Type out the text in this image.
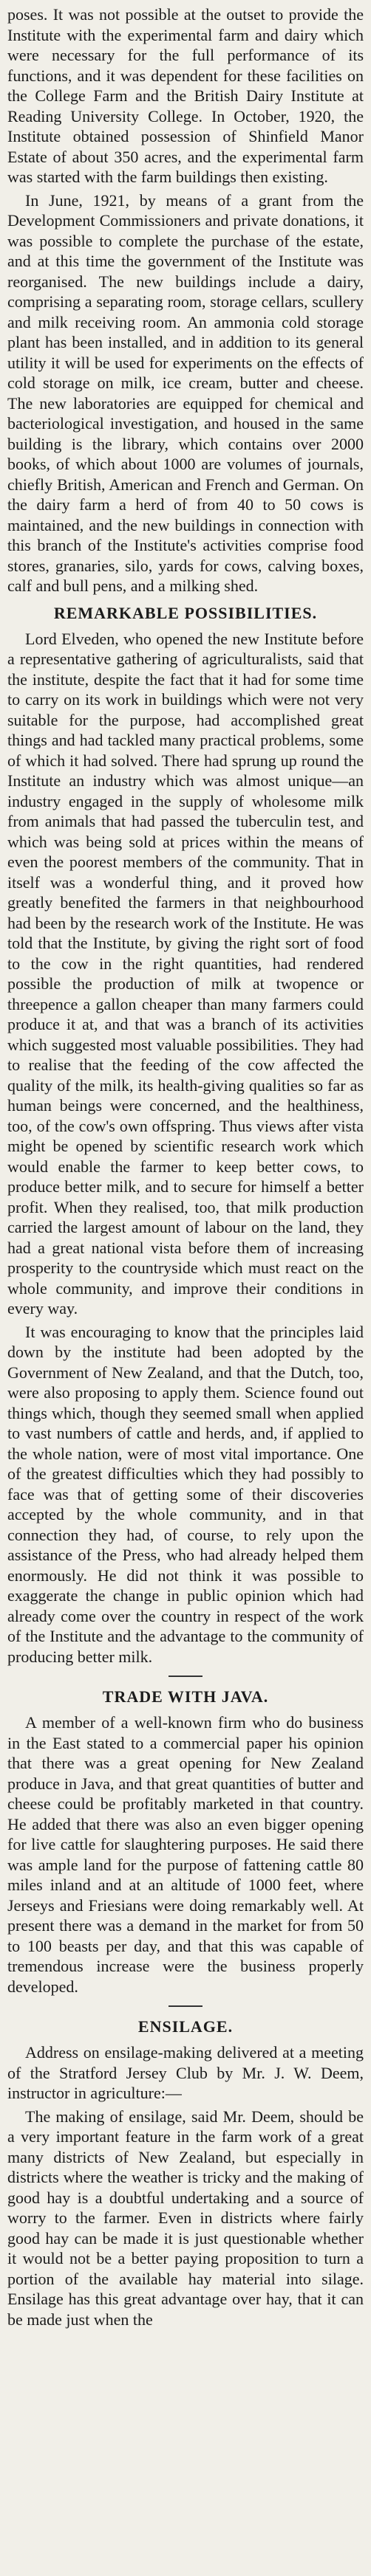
poses. It was not possible at the outset to provide the Institute with the experimental farm and dairy which were necessary for the full performance of its functions, and it was dependent for these facilities on the College Farm and the British Dairy Institute at Reading University College. In October, 1920, the Institute obtained possession of Shinfield Manor Estate of about 350 acres, and the experimental farm was started with the farm buildings then existing.

In June, 1921, by means of a grant from the Development Commissioners and private donations, it was possible to complete the purchase of the estate, and at this time the government of the Institute was reorganised. The new buildings include a dairy, comprising a separating room, storage cellars, scullery and milk receiving room. An ammonia cold storage plant has been installed, and in addition to its general utility it will be used for experiments on the effects of cold storage on milk, ice cream, butter and cheese. The new laboratories are equipped for chemical and bacteriological investigation, and housed in the same building is the library, which contains over 2000 books, of which about 1000 are volumes of journals, chiefly British, American and French and German. On the dairy farm a herd of from 40 to 50 cows is maintained, and the new buildings in connection with this branch of the Institute's activities comprise food stores, granaries, silo, yards for cows, calving boxes, calf and bull pens, and a milking shed.

REMARKABLE POSSIBILITIES.

Lord Elveden, who opened the new Institute before a representative gathering of agriculturalists, said that the institute, despite the fact that it had for some time to carry on its work in buildings which were not very suitable for the purpose, had accomplished great things and had tackled many practical problems, some of which it had solved. There had sprung up round the Institute an industry which was almost unique—an industry engaged in the supply of wholesome milk from animals that had passed the tuberculin test, and which was being sold at prices within the means of even the poorest members of the community. That in itself was a wonderful thing, and it proved how greatly benefited the farmers in that neighbourhood had been by the research work of the Institute. He was told that the Institute, by giving the right sort of food to the cow in the right quantities, had rendered possible the production of milk at twopence or threepence a gallon cheaper than many farmers could produce it at, and that was a branch of its activities which suggested most valuable possibilities. They had to realise that the feeding of the cow affected the quality of the milk, its health-giving qualities so far as human beings were concerned, and the healthiness, too, of the cow's own offspring. Thus views after vista might be opened by scientific research work which would enable the farmer to keep better cows, to produce better milk, and to secure for himself a better profit. When they realised, too, that milk production carried the largest amount of labour on the land, they had a great national vista before them of increasing prosperity to the countryside which must react on the whole community, and improve their conditions in every way.

It was encouraging to know that the principles laid down by the institute had been adopted by the Government of New Zealand, and that the Dutch, too, were also proposing to apply them. Science found out things which, though they seemed small when applied to vast numbers of cattle and herds, and, if applied to the whole nation, were of most vital importance. One of the greatest difficulties which they had possibly to face was that of getting some of their discoveries accepted by the whole community, and in that connection they had, of course, to rely upon the assistance of the Press, who had already helped them enormously. He did not think it was possible to exaggerate the change in public opinion which had already come over the country in respect of the work of the Institute and the advantage to the community of producing better milk.

TRADE WITH JAVA.

A member of a well-known firm who do business in the East stated to a commercial paper his opinion that there was a great opening for New Zealand produce in Java, and that great quantities of butter and cheese could be profitably marketed in that country. He added that there was also an even bigger opening for live cattle for slaughtering purposes. He said there was ample land for the purpose of fattening cattle 80 miles inland and at an altitude of 1000 feet, where Jerseys and Friesians were doing remarkably well. At present there was a demand in the market for from 50 to 100 beasts per day, and that this was capable of tremendous increase were the business properly developed.

ENSILAGE.

Address on ensilage-making delivered at a meeting of the Stratford Jersey Club by Mr. J. W. Deem, instructor in agriculture:—

The making of ensilage, said Mr. Deem, should be a very important feature in the farm work of a great many districts of New Zealand, but especially in districts where the weather is tricky and the making of good hay is a doubtful undertaking and a source of worry to the farmer. Even in districts where fairly good hay can be made it is just questionable whether it would not be a better paying proposition to turn a portion of the available hay material into silage. Ensilage has this great advantage over hay, that it can be made just when the
